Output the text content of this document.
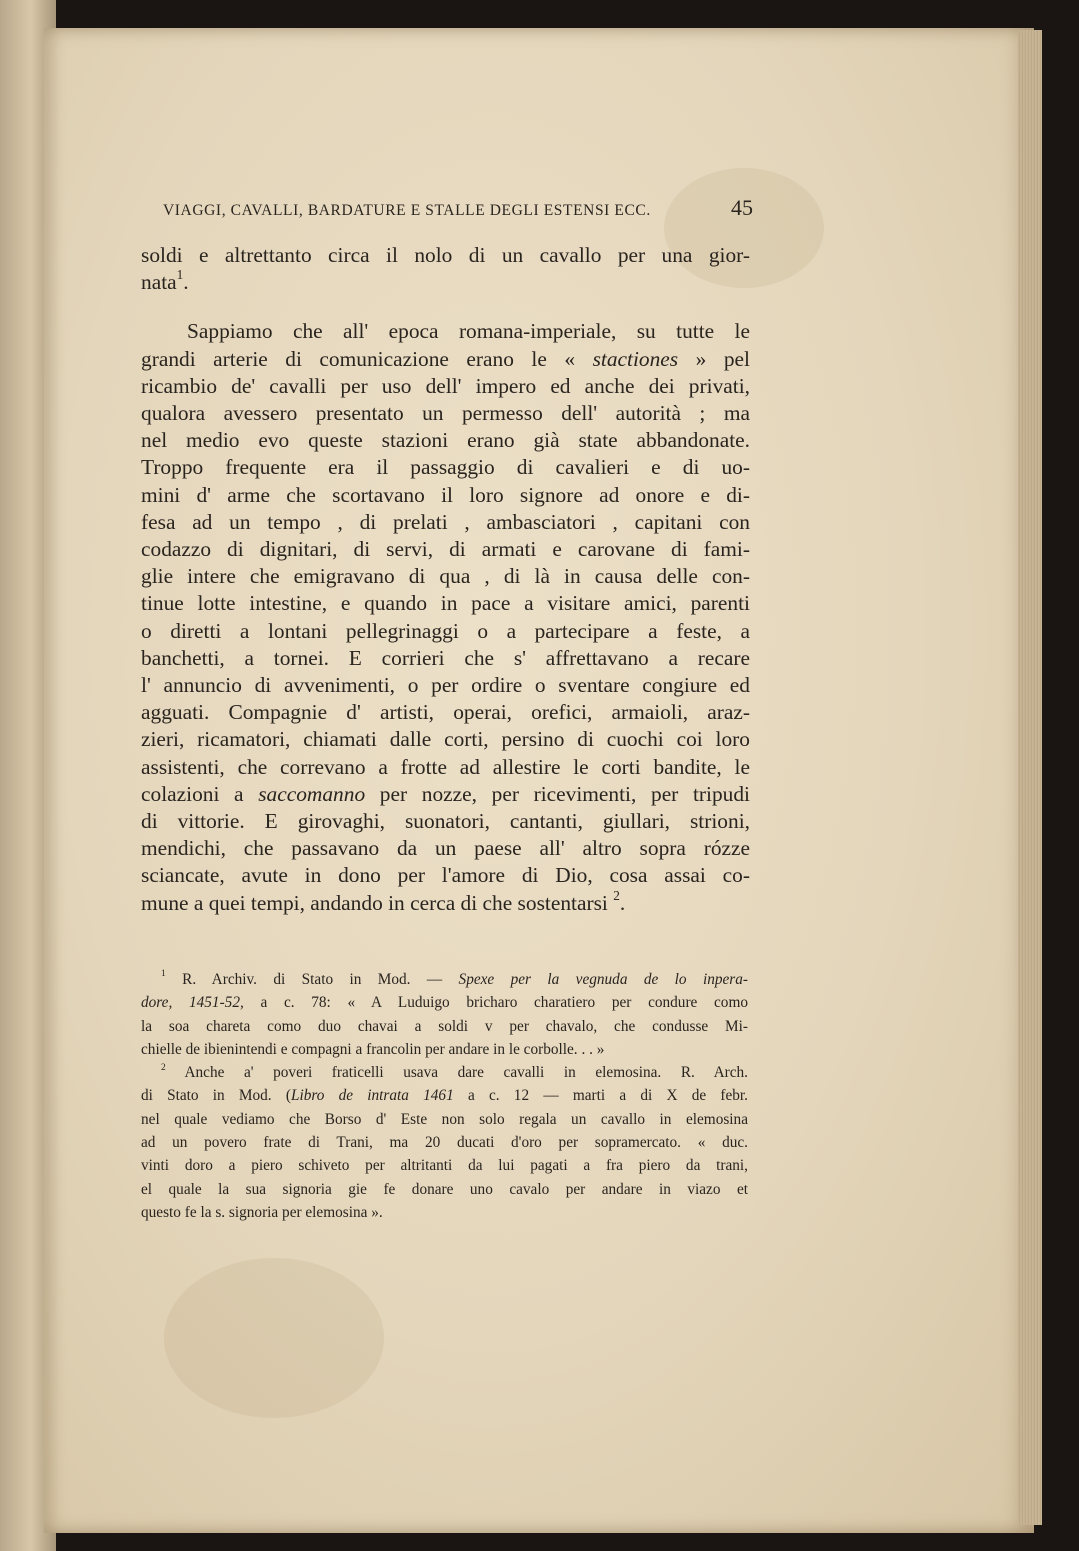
VIAGGI, CAVALLI, BARDATURE E STALLE DEGLI ESTENSI ECC.	45

soldi e altrettanto circa il nolo di un cavallo per una gior-

nata$^1$.

Sappiamo che all' epoca romana-imperiale, su tutte le

grandi arterie di comunicazione erano le « stactiones » pel

ricambio de' cavalli per uso dell' impero ed anche dei privati,

qualora avessero presentato un permesso dell' autorità ; ma

nel medio evo queste stazioni erano già state abbandonate.

Troppo frequente era il passaggio di cavalieri e di uo-

mini d' arme che scortavano il loro signore ad onore e di-

fesa ad un tempo , di prelati , ambasciatori , capitani con

codazzo di dignitari, di servi, di armati e carovane di fami-

glie intere che emigravano di qua , di là in causa delle con-

tinue lotte intestine, e quando in pace a visitare amici, parenti

o diretti a lontani pellegrinaggi o a partecipare a feste, a

banchetti, a tornei. E corrieri che s' affrettavano a recare

l' annuncio di avvenimenti, o per ordire o sventare congiure ed

agguati. Compagnie d' artisti, operai, orefici, armaioli, araz-

zieri, ricamatori, chiamati dalle corti, persino di cuochi coi loro

assistenti, che correvano a frotte ad allestire le corti bandite, le

colazioni a saccomanno per nozze, per ricevimenti, per tripudi

di vittorie. E girovaghi, suonatori, cantanti, giullari, strioni,

mendichi, che passavano da un paese all' altro sopra rózze

sciancate, avute in dono per l'amore di Dio, cosa assai co-

mune a quei tempi, andando in cerca di che sostentarsi $^2$.

$^1$ R. Archiv. di Stato in Mod. — Spexe per la vegnuda de lo inpera-

dore, 1451-52, a c. 78: « A Luduigo bricharo charatiero per condure como

la soa chareta como duo chavai a soldi v per chavalo, che condusse Mi-

chielle de ibienintendi e compagni a francolin per andare in le corbolle. . . »

$^2$ Anche a' poveri fraticelli usava dare cavalli in elemosina. R. Arch.

di Stato in Mod. (Libro de intrata 1461 a c. 12 — marti a di X de febr.

nel quale vediamo che Borso d' Este non solo regala un cavallo in elemosina

ad un povero frate di Trani, ma 20 ducati d'oro per sopramercato. « duc.

vinti doro a piero schiveto per altritanti da lui pagati a fra piero da trani,

el quale la sua signoria gie fe donare uno cavalo per andare in viazo et

questo fe la s. signoria per elemosina ».
